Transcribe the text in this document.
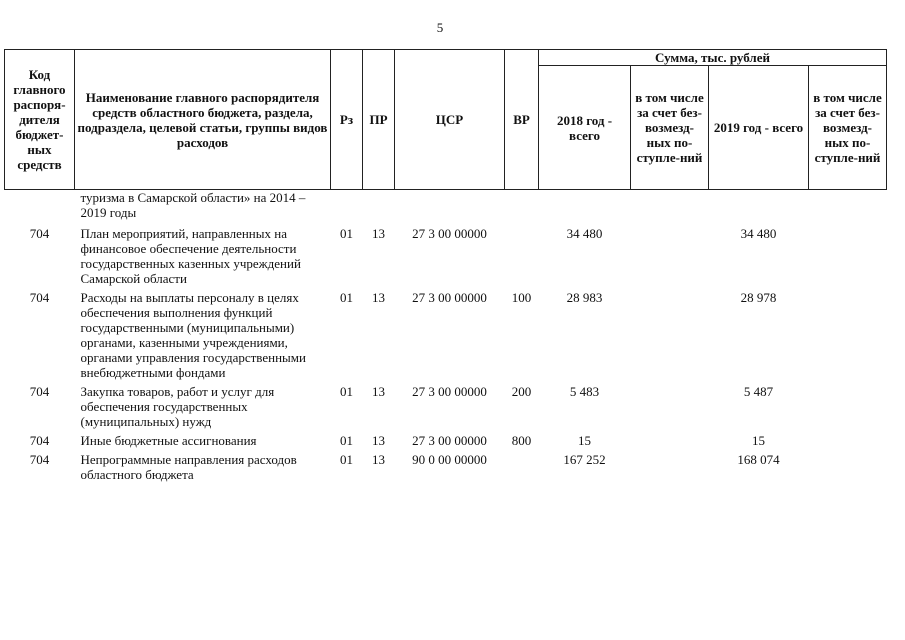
5
Код главного распоря-дителя бюджет-ных средств	Наименование главного распорядителя средств областного бюджета, раздела, подраздела, целевой статьи, группы видов расходов	Рз	ПР	ЦСР	ВР	Сумма, тыс. рублей			
						2018 год - всего	в том числе за счет без-возмезд-ных по-ступле-ний	2019 год - всего	в том числе за счет без-возмезд-ных по-ступле-ний
	туризма в Самарской области» на 2014 – 2019 годы								
704	План мероприятий, направленных на финансовое обеспечение деятельности государственных казенных учреждений Самарской области	01	13	27 3 00 00000		34 480		34 480	
704	Расходы на выплаты персоналу в целях обеспечения выполнения функций государственными (муниципальными) органами, казенными учреждениями, органами управления государственными внебюджетными фондами	01	13	27 3 00 00000	100	28 983		28 978	
704	Закупка товаров, работ и услуг для обеспечения государственных (муниципальных) нужд	01	13	27 3 00 00000	200	5 483		5 487	
704	Иные бюджетные ассигнования	01	13	27 3 00 00000	800	15		15	
704	Непрограммные направления расходов областного бюджета	01	13	90 0 00 00000		167 252		168 074	
